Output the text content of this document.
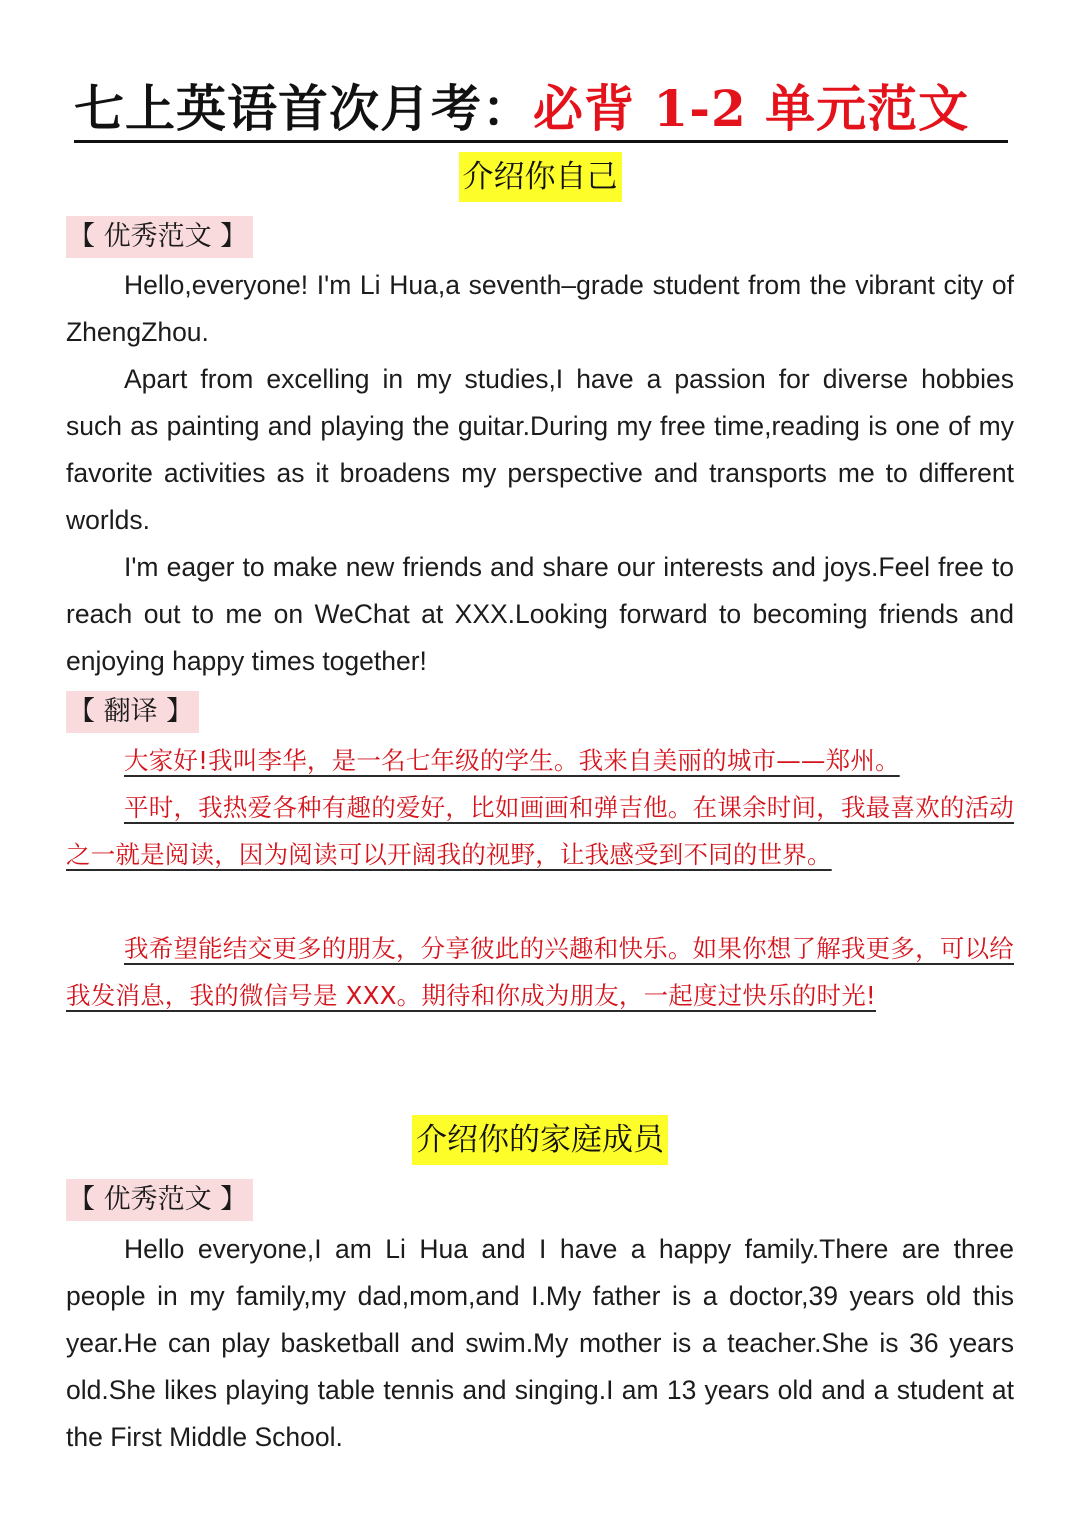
七上英语首次月考：必背 1-2 单元范文
介绍你自己
【 优秀范文 】

Hello,everyone! I'm Li Hua,a seventh–grade student from the vibrant city of ZhengZhou.

Apart from excelling in my studies,I have a passion for diverse hobbies such as painting and playing the guitar.During my free time,reading is one of my favorite activities as it broadens my perspective and transports me to different worlds.

I'm eager to make new friends and share our interests and joys.Feel free to reach out to me on WeChat at XXX.Looking forward to becoming friends and enjoying happy times together!

【 翻译 】

大家好!我叫李华，是一名七年级的学生。我来自美丽的城市——郑州。

平时，我热爱各种有趣的爱好，比如画画和弹吉他。在课余时间，我最喜欢的活动之一就是阅读，因为阅读可以开阔我的视野，让我感受到不同的世界。

我希望能结交更多的朋友，分享彼此的兴趣和快乐。如果你想了解我更多，可以给我发消息，我的微信号是 XXX。期待和你成为朋友，一起度过快乐的时光!

介绍你的家庭成员
【 优秀范文 】

Hello everyone,I am Li Hua and I have a happy family.There are three people in my family,my dad,mom,and I.My father is a doctor,39 years old this year.He can play basketball and swim.My mother is a teacher.She is 36 years old.She likes playing table tennis and singing.I am 13 years old and a student at the First Middle School.
